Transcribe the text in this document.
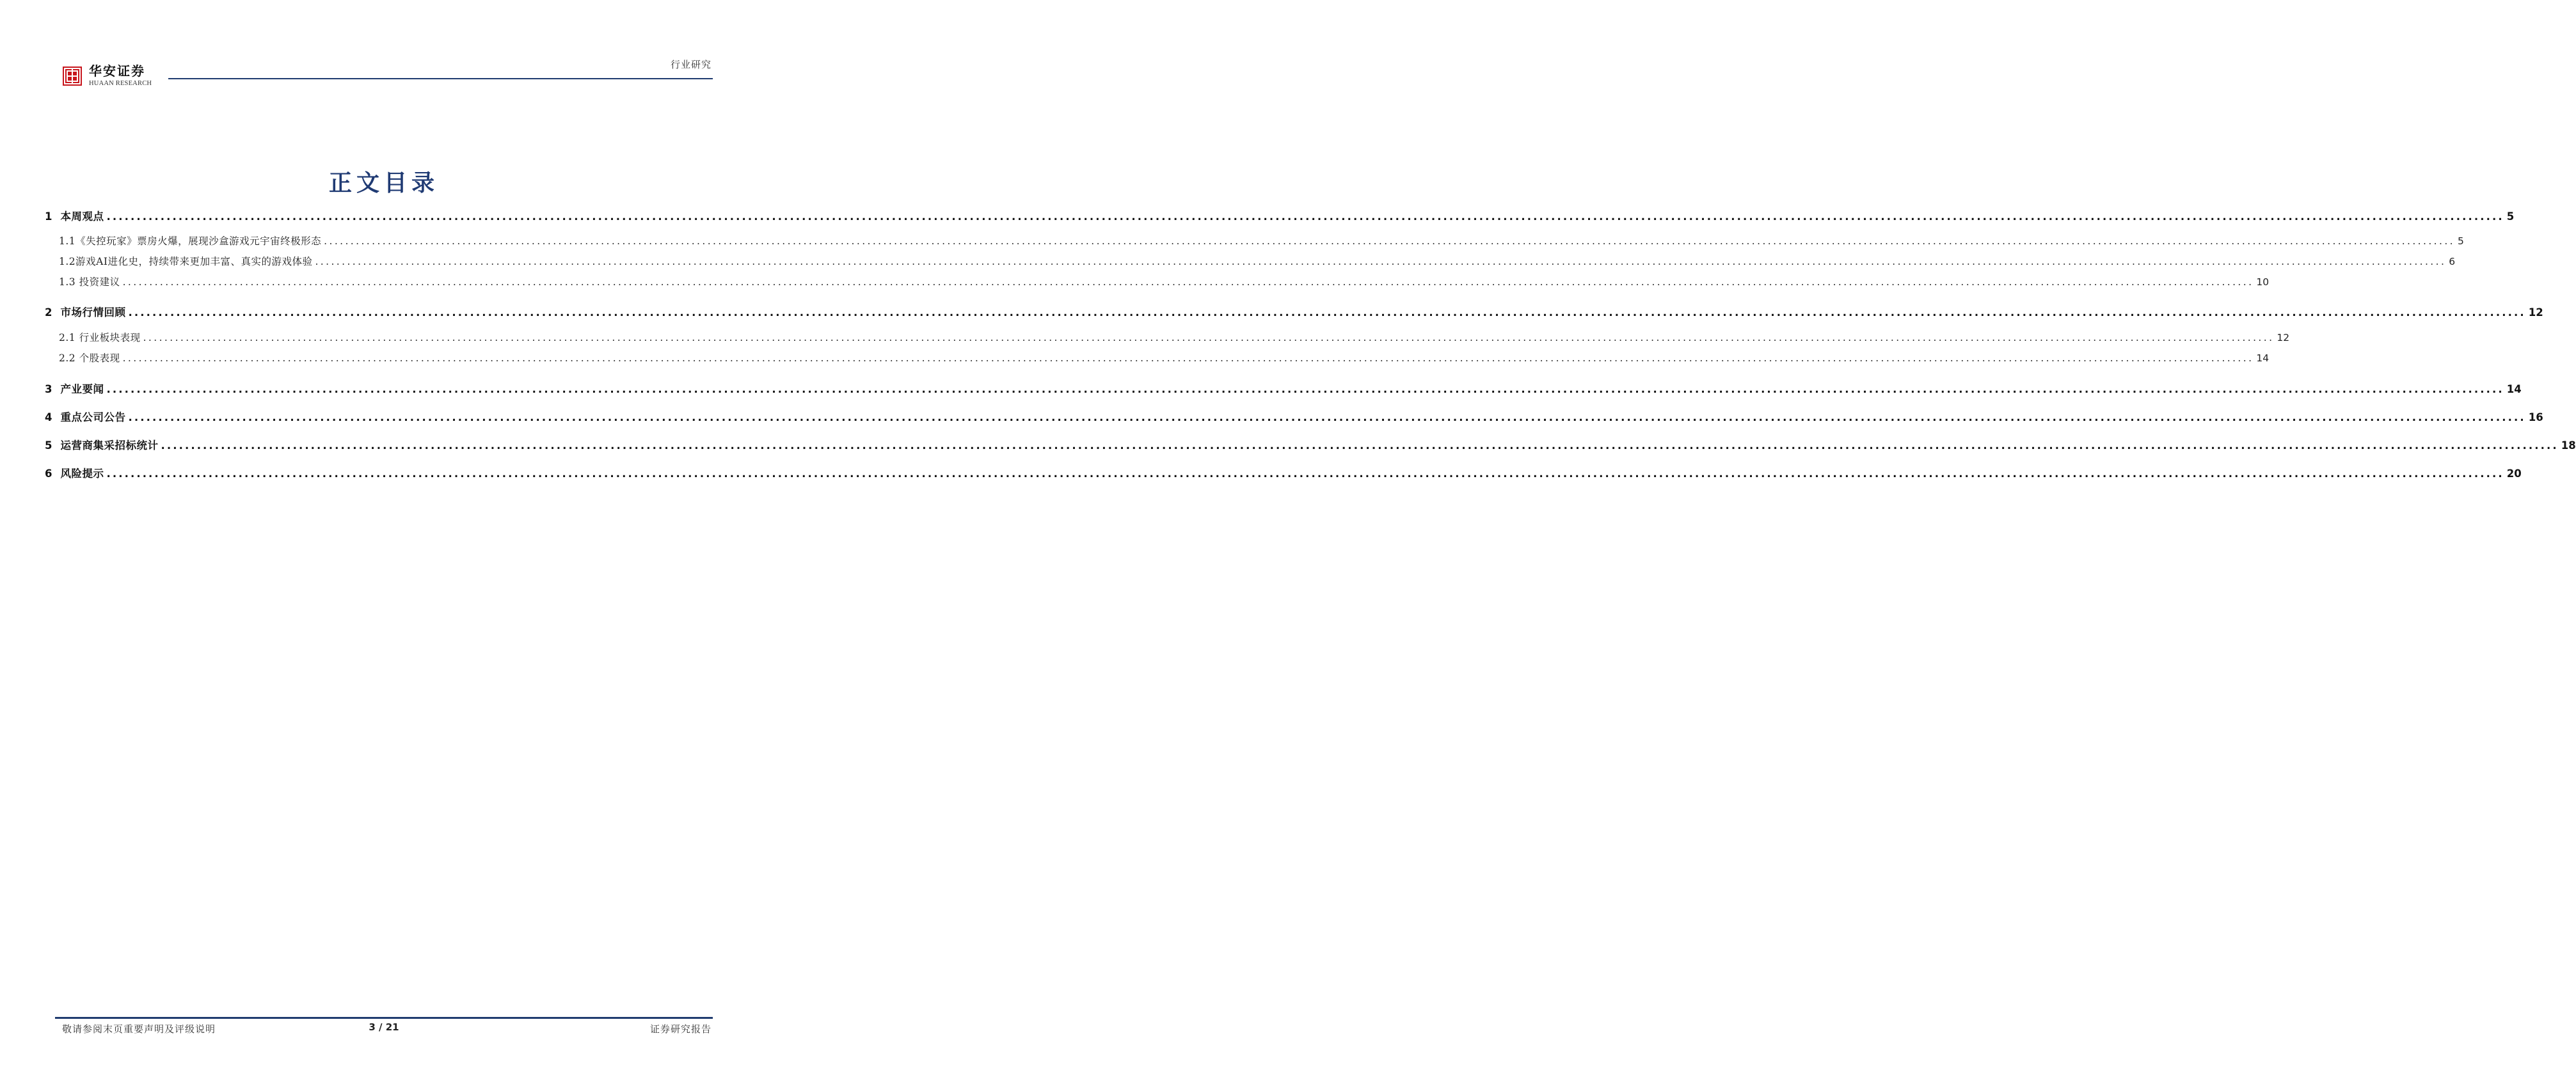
华安证券
HUAAN RESEARCH
行业研究
正文目录
1 本周观点 ................................................................................................................................................................................................................................................................................................................................................................................................................ 5
1.1《失控玩家》票房火爆，展现沙盒游戏元宇宙终极形态 ................................................................................................................................................................................................................................................................................................................................................................................................................ 5
1.2游戏AI进化史，持续带来更加丰富、真实的游戏体验 ................................................................................................................................................................................................................................................................................................................................................................................................................ 6
1.3 投资建议 ................................................................................................................................................................................................................................................................................................................................................................................................................ 10
2 市场行情回顾 ................................................................................................................................................................................................................................................................................................................................................................................................................ 12
2.1 行业板块表现 ................................................................................................................................................................................................................................................................................................................................................................................................................ 12
2.2 个股表现 ................................................................................................................................................................................................................................................................................................................................................................................................................ 14
3 产业要闻 ................................................................................................................................................................................................................................................................................................................................................................................................................ 14
4 重点公司公告 ................................................................................................................................................................................................................................................................................................................................................................................................................ 16
5 运营商集采招标统计 ................................................................................................................................................................................................................................................................................................................................................................................................................ 18
6 风险提示 ................................................................................................................................................................................................................................................................................................................................................................................................................ 20
敬请参阅末页重要声明及评级说明	3 / 21	证券研究报告
